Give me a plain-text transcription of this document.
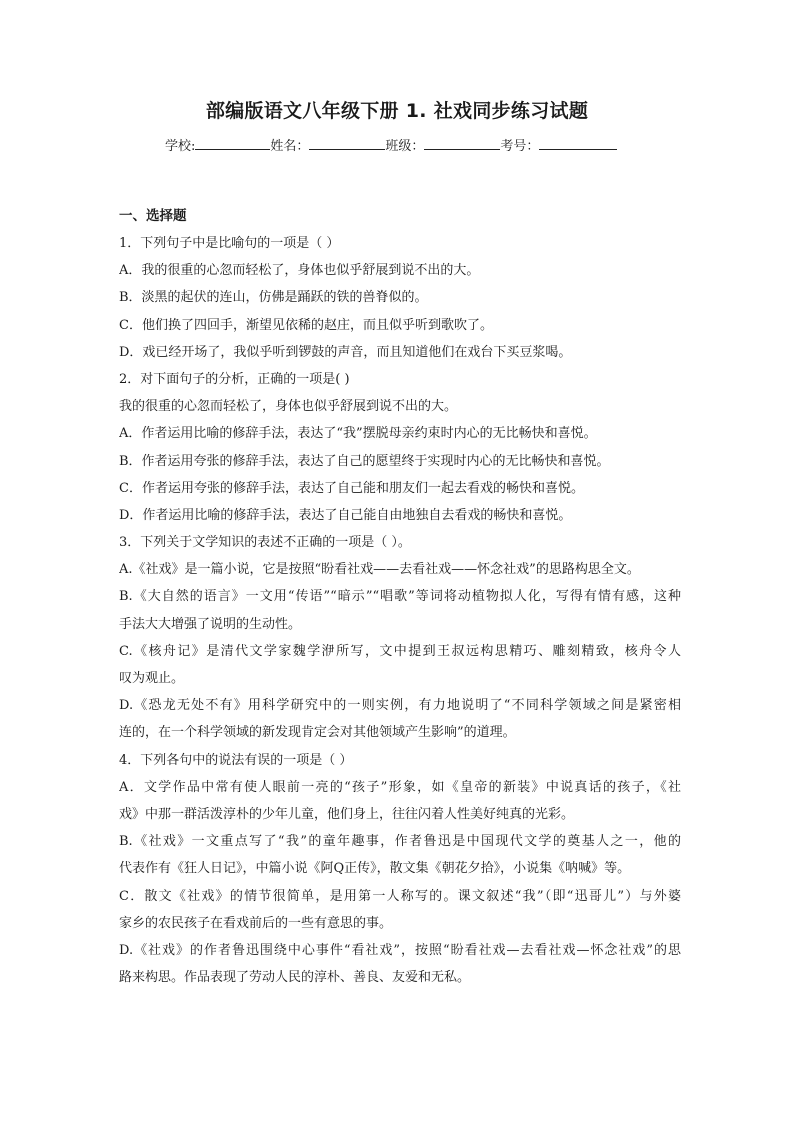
部编版语文八年级下册 1. 社戏同步练习试题
学校:	姓名：	班级：	考号：
一、选择题
1．下列句子中是比喻句的一项是（ ）
A．我的很重的心忽而轻松了，身体也似乎舒展到说不出的大。
B．淡黑的起伏的连山，仿佛是踊跃的铁的兽脊似的。
C．他们换了四回手，渐望见依稀的赵庄，而且似乎听到歌吹了。
D．戏已经开场了，我似乎听到锣鼓的声音，而且知道他们在戏台下买豆浆喝。
2．对下面句子的分析，正确的一项是( )
我的很重的心忽而轻松了，身体也似乎舒展到说不出的大。
A．作者运用比喻的修辞手法，表达了“我”摆脱母亲约束时内心的无比畅快和喜悦。
B．作者运用夸张的修辞手法，表达了自己的愿望终于实现时内心的无比畅快和喜悦。
C．作者运用夸张的修辞手法，表达了自己能和朋友们一起去看戏的畅快和喜悦。
D．作者运用比喻的修辞手法，表达了自己能自由地独自去看戏的畅快和喜悦。
3．下列关于文学知识的表述不正确的一项是（ ）。
A.《社戏》是一篇小说，它是按照“盼看社戏——去看社戏——怀念社戏”的思路构思全文。
B.《大自然的语言》一文用“传语”“暗示”“唱歌”等词将动植物拟人化，写得有情有感，这种
手法大大增强了说明的生动性。
C.《核舟记》是清代文学家魏学洢所写，文中提到王叔远构思精巧、雕刻精致，核舟令人
叹为观止。
D.《恐龙无处不有》用科学研究中的一则实例，有力地说明了“不同科学领域之间是紧密相
连的，在一个科学领域的新发现肯定会对其他领域产生影响”的道理。
4．下列各句中的说法有误的一项是（ ）
A．文学作品中常有使人眼前一亮的“孩子”形象，如《皇帝的新装》中说真话的孩子，《社
戏》中那一群活泼淳朴的少年儿童，他们身上，往往闪着人性美好纯真的光彩。
B.《社戏》一文重点写了“我”的童年趣事，作者鲁迅是中国现代文学的奠基人之一，他的
代表作有《狂人日记》，中篇小说《阿Q正传》，散文集《朝花夕拾》，小说集《呐喊》等。
C．散文《社戏》的情节很简单，是用第一人称写的。课文叙述“我”（即“迅哥儿”）与外婆
家乡的农民孩子在看戏前后的一些有意思的事。
D.《社戏》的作者鲁迅围绕中心事件“看社戏”，按照“盼看社戏—去看社戏—怀念社戏”的思
路来构思。作品表现了劳动人民的淳朴、善良、友爱和无私。
